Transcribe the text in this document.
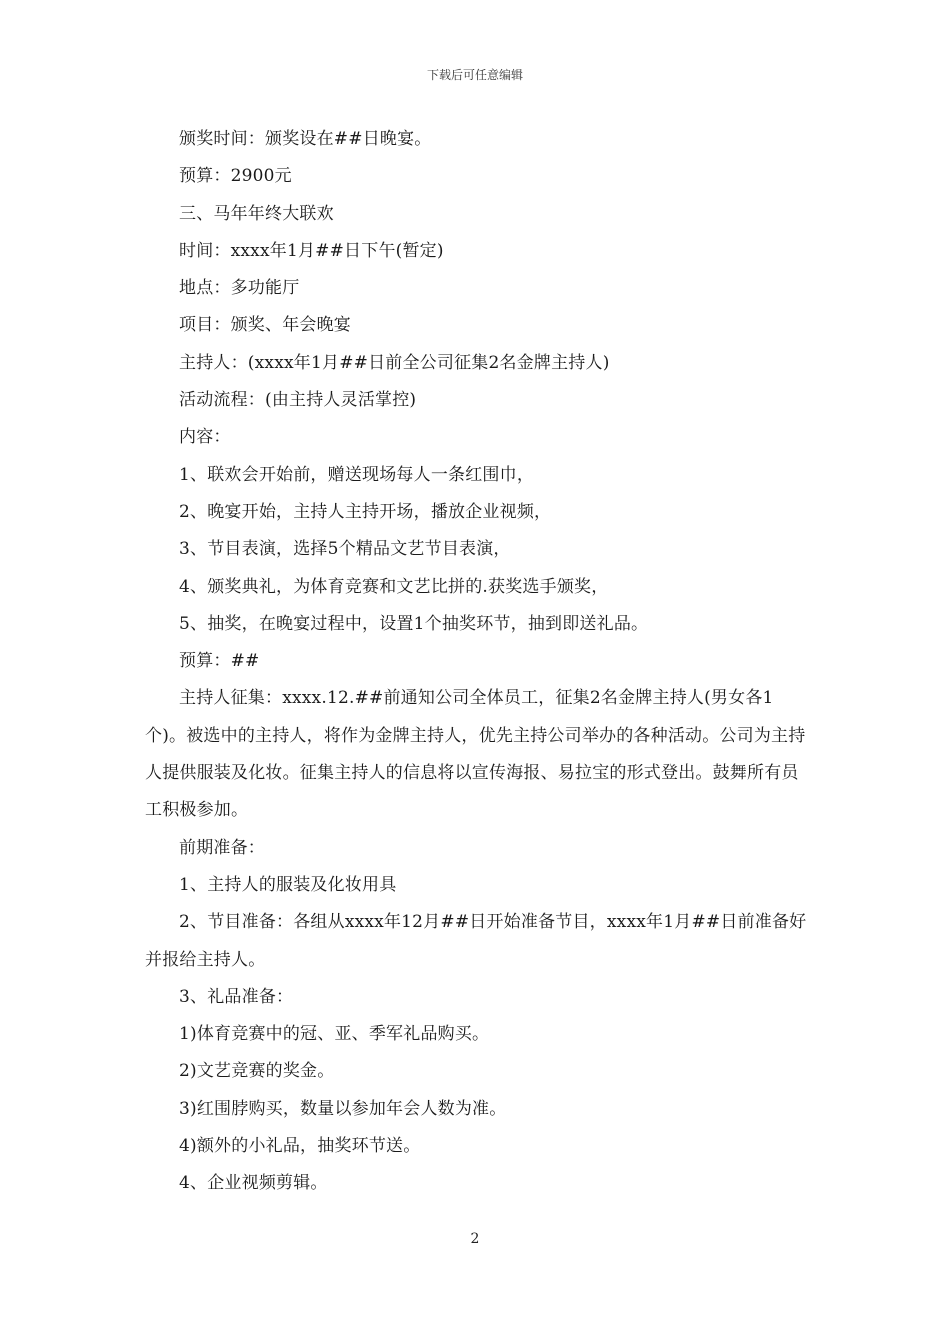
下载后可任意编辑

颁奖时间：颁奖设在##日晚宴。

预算：2900元

三、马年年终大联欢

时间：xxxx年1月##日下午(暂定)

地点：多功能厅

项目：颁奖、年会晚宴

主持人：(xxxx年1月##日前全公司征集2名金牌主持人)

活动流程：(由主持人灵活掌控)

内容：

1、联欢会开始前，赠送现场每人一条红围巾，

2、晚宴开始，主持人主持开场，播放企业视频，

3、节目表演，选择5个精品文艺节目表演，

4、颁奖典礼，为体育竞赛和文艺比拼的.获奖选手颁奖，

5、抽奖，在晚宴过程中，设置1个抽奖环节，抽到即送礼品。

预算：##

主持人征集：xxxx.12.##前通知公司全体员工，征集2名金牌主持人(男女各1个)。被选中的主持人，将作为金牌主持人，优先主持公司举办的各种活动。公司为主持人提供服装及化妆。征集主持人的信息将以宣传海报、易拉宝的形式登出。鼓舞所有员工积极参加。

前期准备：

1、主持人的服装及化妆用具

2、节目准备：各组从xxxx年12月##日开始准备节目，xxxx年1月##日前准备好并报给主持人。

3、礼品准备：

1)体育竞赛中的冠、亚、季军礼品购买。

2)文艺竞赛的奖金。

3)红围脖购买，数量以参加年会人数为准。

4)额外的小礼品，抽奖环节送。

4、企业视频剪辑。

2
